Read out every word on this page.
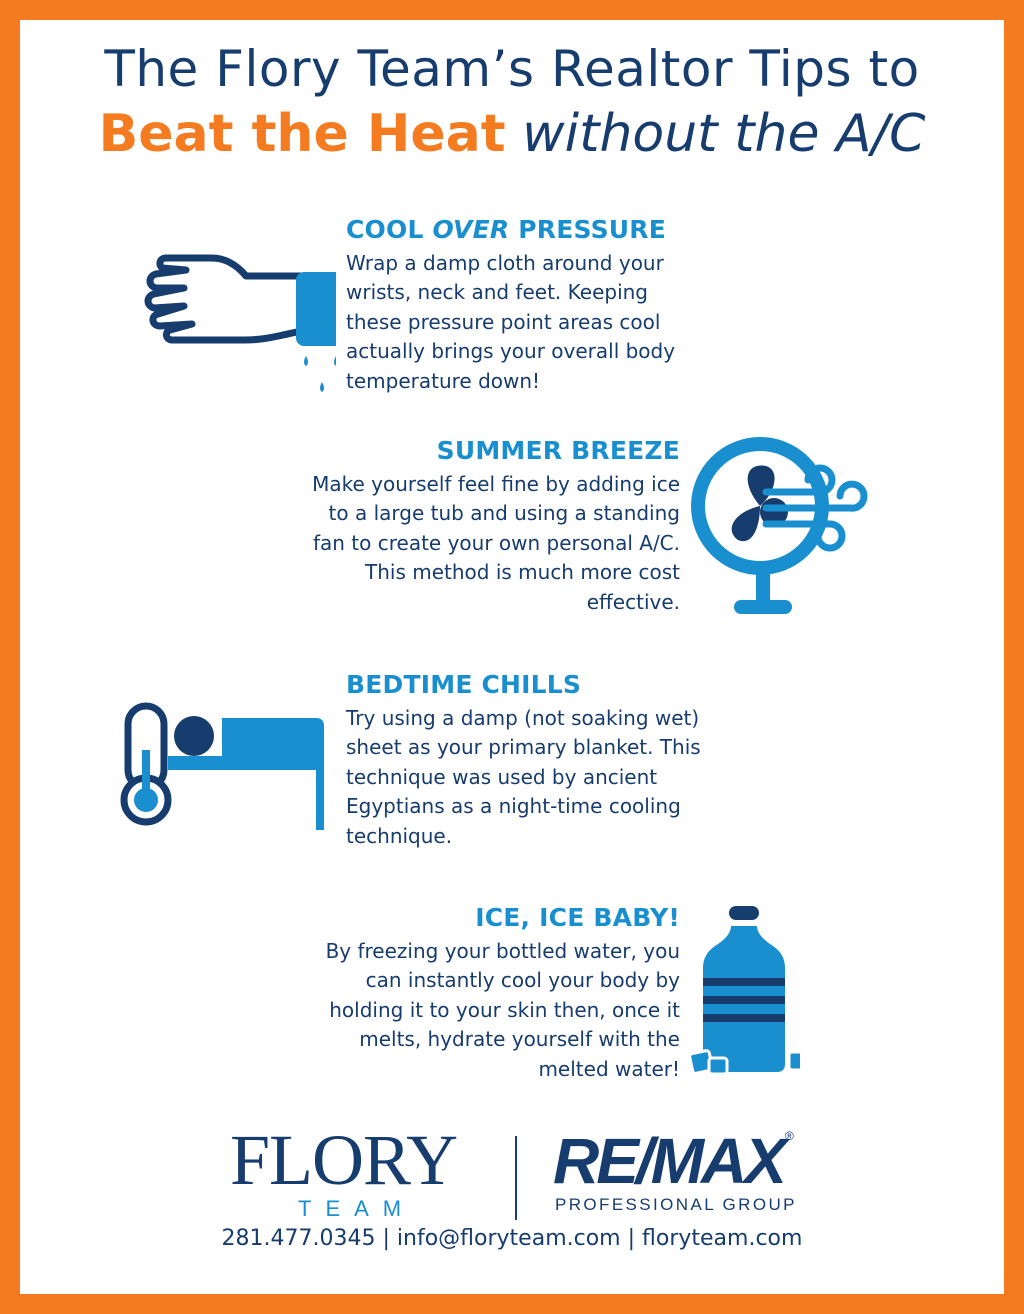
The Flory Team’s Realtor Tips to
Beat the Heat without the A/C
COOL OVER PRESSURE

Wrap a damp cloth around your wrists, neck and feet. Keeping these pressure point areas cool actually brings your overall body temperature down!

SUMMER BREEZE

Make yourself feel fine by adding ice to a large tub and using a standing fan to create your own personal A/C. This method is much more cost effective.

BEDTIME CHILLS

Try using a damp (not soaking wet) sheet as your primary blanket. This technique was used by ancient Egyptians as a night-time cooling technique.

ICE, ICE BABY!

By freezing your bottled water, you can instantly cool your body by holding it to your skin then, once it melts, hydrate yourself with the melted water!

FLORY
TEAM
RE/MAX ®
PROFESSIONAL GROUP
281.477.0345 | info@floryteam.com | floryteam.com
